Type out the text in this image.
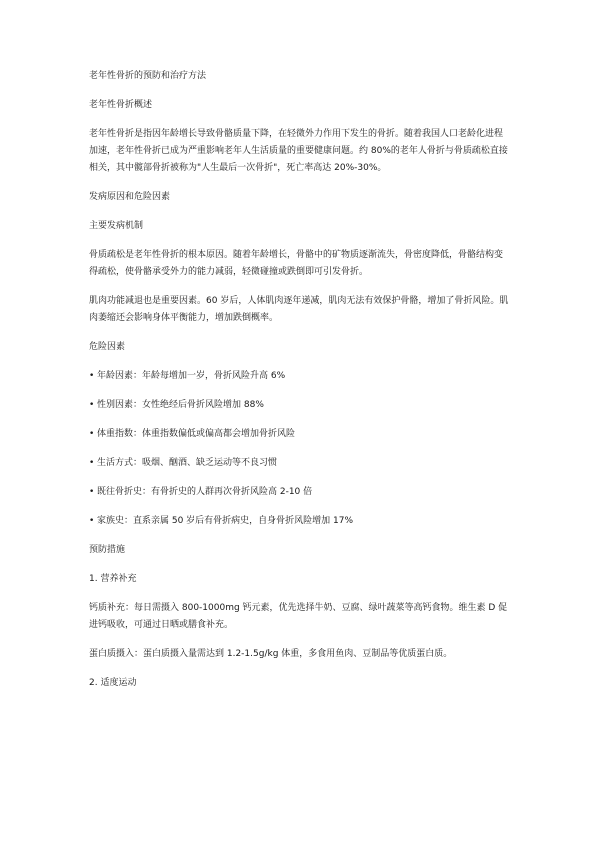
老年性骨折的预防和治疗方法

老年性骨折概述

老年性骨折是指因年龄增长导致骨骼质量下降，在轻微外力作用下发生的骨折。随着我国人口老龄化进程加速，老年性骨折已成为严重影响老年人生活质量的重要健康问题。约 80%的老年人骨折与骨质疏松直接相关，其中髋部骨折被称为"人生最后一次骨折"，死亡率高达 20%-30%。

发病原因和危险因素

主要发病机制

骨质疏松是老年性骨折的根本原因。随着年龄增长，骨骼中的矿物质逐渐流失，骨密度降低，骨骼结构变得疏松，使骨骼承受外力的能力减弱，轻微碰撞或跌倒即可引发骨折。

肌肉功能减退也是重要因素。60 岁后，人体肌肉逐年递减，肌肉无法有效保护骨骼，增加了骨折风险。肌肉萎缩还会影响身体平衡能力，增加跌倒概率。

危险因素

• 年龄因素：年龄每增加一岁，骨折风险升高 6%
• 性别因素：女性绝经后骨折风险增加 88%
• 体重指数：体重指数偏低或偏高都会增加骨折风险
• 生活方式：吸烟、酗酒、缺乏运动等不良习惯
• 既往骨折史：有骨折史的人群再次骨折风险高 2-10 倍
• 家族史：直系亲属 50 岁后有骨折病史，自身骨折风险增加 17%

预防措施

1. 营养补充

钙质补充：每日需摄入 800-1000mg 钙元素，优先选择牛奶、豆腐、绿叶蔬菜等高钙食物。维生素 D 促进钙吸收，可通过日晒或膳食补充。

蛋白质摄入：蛋白质摄入量需达到 1.2-1.5g/kg 体重，多食用鱼肉、豆制品等优质蛋白质。

2. 适度运动
